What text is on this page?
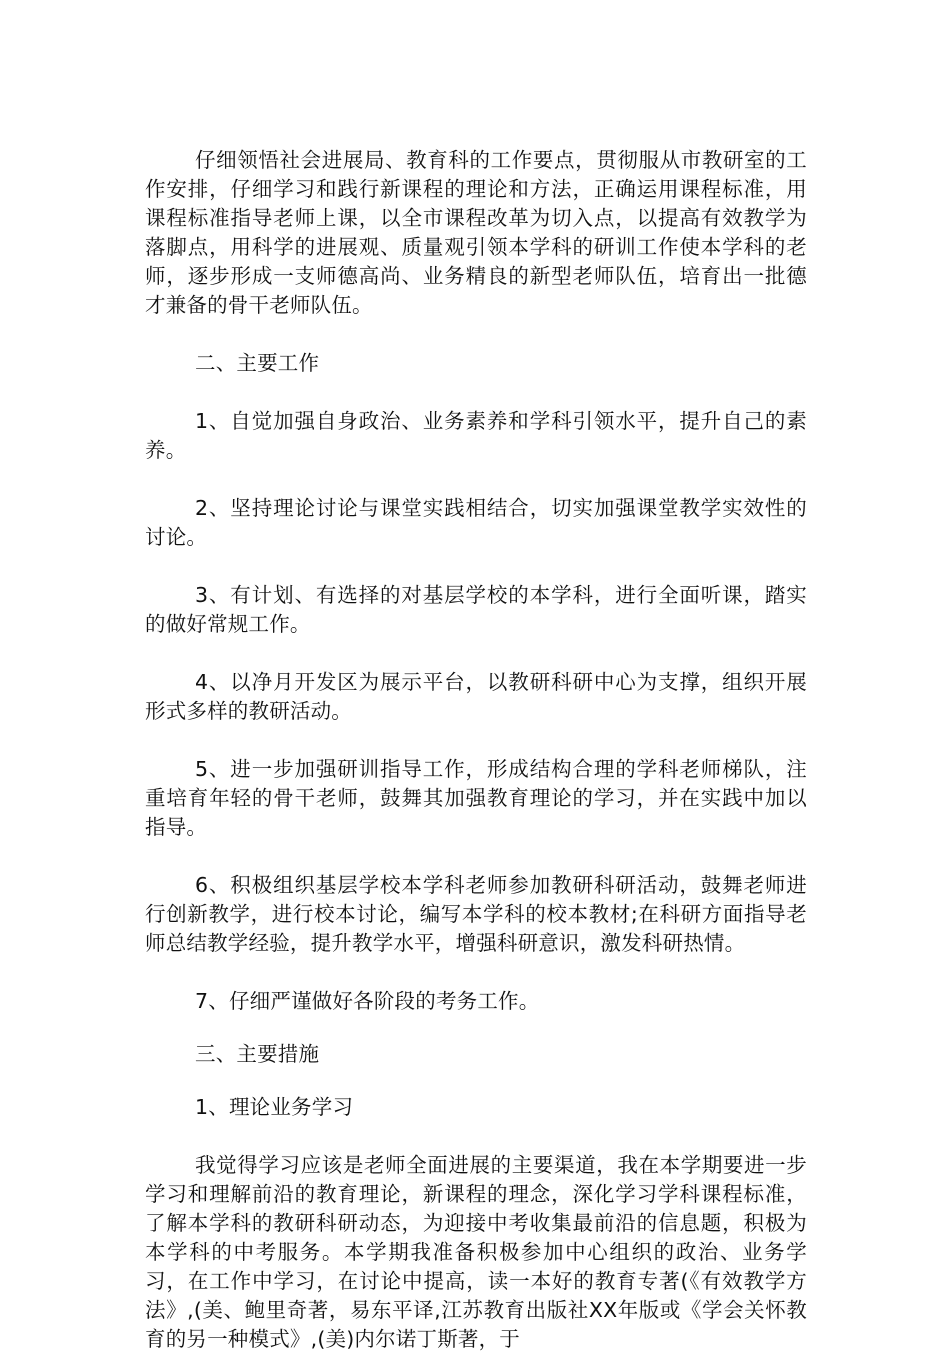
仔细领悟社会进展局、教育科的工作要点，贯彻服从市教研室的工作安排，仔细学习和践行新课程的理论和方法，正确运用课程标准，用课程标准指导老师上课，以全市课程改革为切入点，以提高有效教学为落脚点，用科学的进展观、质量观引领本学科的研训工作使本学科的老师，逐步形成一支师德高尚、业务精良的新型老师队伍，培育出一批德才兼备的骨干老师队伍。

二、主要工作

1、自觉加强自身政治、业务素养和学科引领水平，提升自己的素养。

2、坚持理论讨论与课堂实践相结合，切实加强课堂教学实效性的讨论。

3、有计划、有选择的对基层学校的本学科，进行全面听课，踏实的做好常规工作。

4、以净月开发区为展示平台，以教研科研中心为支撑，组织开展形式多样的教研活动。

5、进一步加强研训指导工作，形成结构合理的学科老师梯队，注重培育年轻的骨干老师，鼓舞其加强教育理论的学习，并在实践中加以指导。

6、积极组织基层学校本学科老师参加教研科研活动，鼓舞老师进行创新教学，进行校本讨论，编写本学科的校本教材;在科研方面指导老师总结教学经验，提升教学水平，增强科研意识，激发科研热情。

7、仔细严谨做好各阶段的考务工作。

三、主要措施

1、理论业务学习

我觉得学习应该是老师全面进展的主要渠道，我在本学期要进一步学习和理解前沿的教育理论，新课程的理念，深化学习学科课程标准，了解本学科的教研科研动态，为迎接中考收集最前沿的信息题，积极为本学科的中考服务。本学期我准备积极参加中心组织的政治、业务学习，在工作中学习，在讨论中提高，读一本好的教育专著(《有效教学方法》,(美、鲍里奇著，易东平译,江苏教育出版社XX年版或《学会关怀教育的另一种模式》,(美)内尔诺丁斯著，于
